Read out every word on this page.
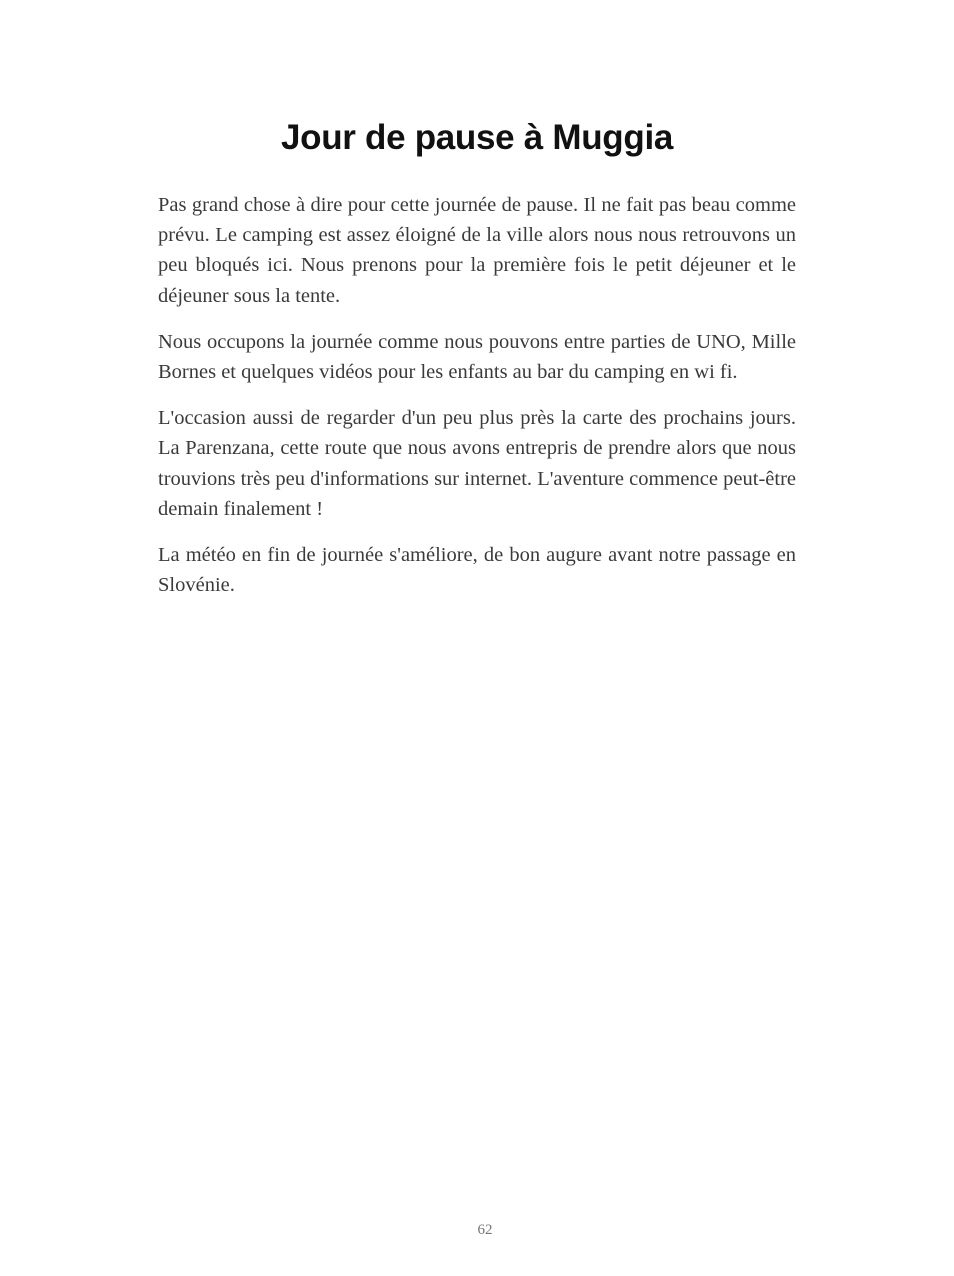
Jour de pause à Muggia

Pas grand chose à dire pour cette journée de pause. Il ne fait pas beau comme prévu. Le camping est assez éloigné de la ville alors nous nous retrouvons un peu bloqués ici. Nous prenons pour la première fois le petit déjeuner et le déjeuner sous la tente.

Nous occupons la journée comme nous pouvons entre parties de UNO, Mille Bornes et quelques vidéos pour les enfants au bar du camping en wi fi.

L'occasion aussi de regarder d'un peu plus près la carte des prochains jours. La Parenzana, cette route que nous avons entrepris de prendre alors que nous trouvions très peu d'informations sur internet. L'aventure commence peut-être demain finalement !

La météo en fin de journée s'améliore, de bon augure avant notre passage en Slovénie.

62
